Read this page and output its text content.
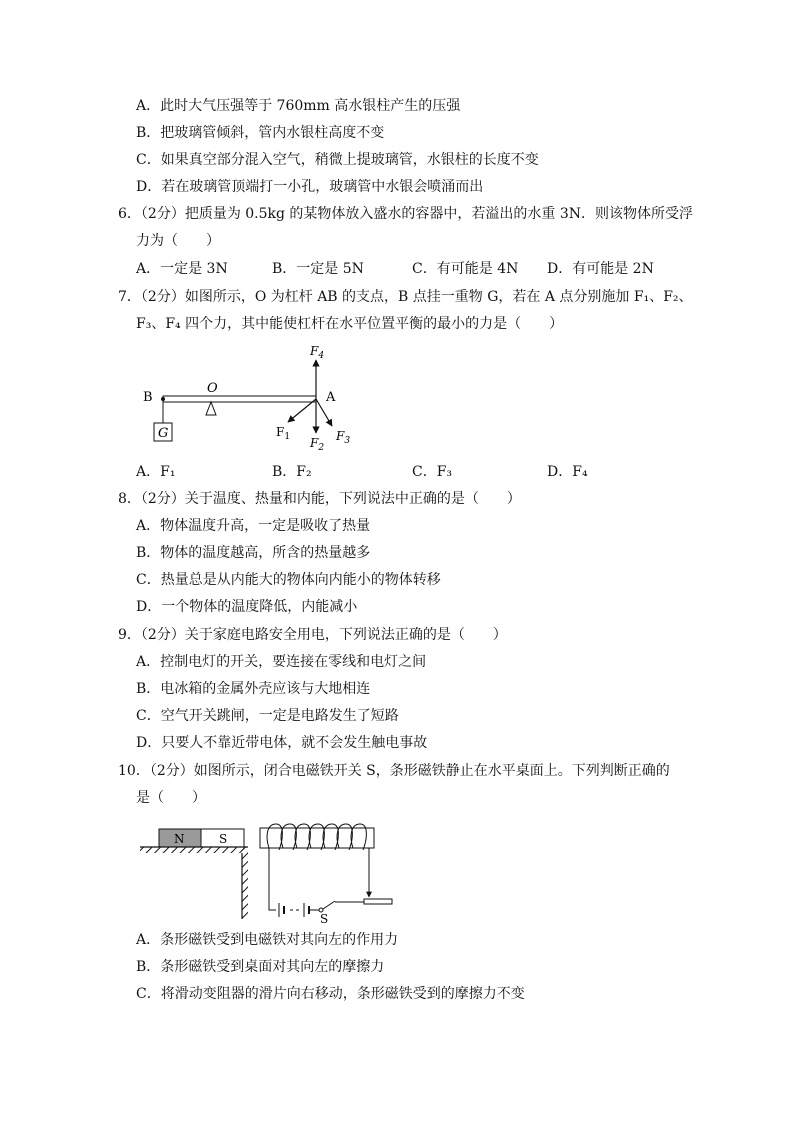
A．此时大气压强等于 760mm 高水银柱产生的压强
B．把玻璃管倾斜，管内水银柱高度不变
C．如果真空部分混入空气，稍微上提玻璃管，水银柱的长度不变
D．若在玻璃管顶端打一小孔，玻璃管中水银会喷涌而出
6．（2分）把质量为 0.5kg 的某物体放入盛水的容器中，若溢出的水重 3N．则该物体所受浮
力为（　　）
A．一定是 3N	B．一定是 5N	C．有可能是 4N D．有可能是 2N
7．（2分）如图所示，O 为杠杆 AB 的支点，B 点挂一重物 G，若在 A 点分别施加 F₁、F₂、
F₃、F₄ 四个力，其中能使杠杆在水平位置平衡的最小的力是（　　）
G
B
O
A
$F_4$
$F_1$ $F_2$
$F_3$
A．F₁	B．F₂	C．F₃	D．F₄
8．（2分）关于温度、热量和内能，下列说法中正确的是（　　）
A．物体温度升高，一定是吸收了热量
B．物体的温度越高，所含的热量越多
C．热量总是从内能大的物体向内能小的物体转移
D．一个物体的温度降低，内能减小
9．（2分）关于家庭电路安全用电，下列说法正确的是（　　）
A．控制电灯的开关，要连接在零线和电灯之间
B．电冰箱的金属外壳应该与大地相连
C．空气开关跳闸，一定是电路发生了短路
D．只要人不靠近带电体，就不会发生触电事故
10．（2分）如图所示，闭合电磁铁开关 S，条形磁铁静止在水平桌面上。下列判断正确的
是（　　）
N	S
S
A．条形磁铁受到电磁铁对其向左的作用力
B．条形磁铁受到桌面对其向左的摩擦力
C．将滑动变阻器的滑片向右移动，条形磁铁受到的摩擦力不变
